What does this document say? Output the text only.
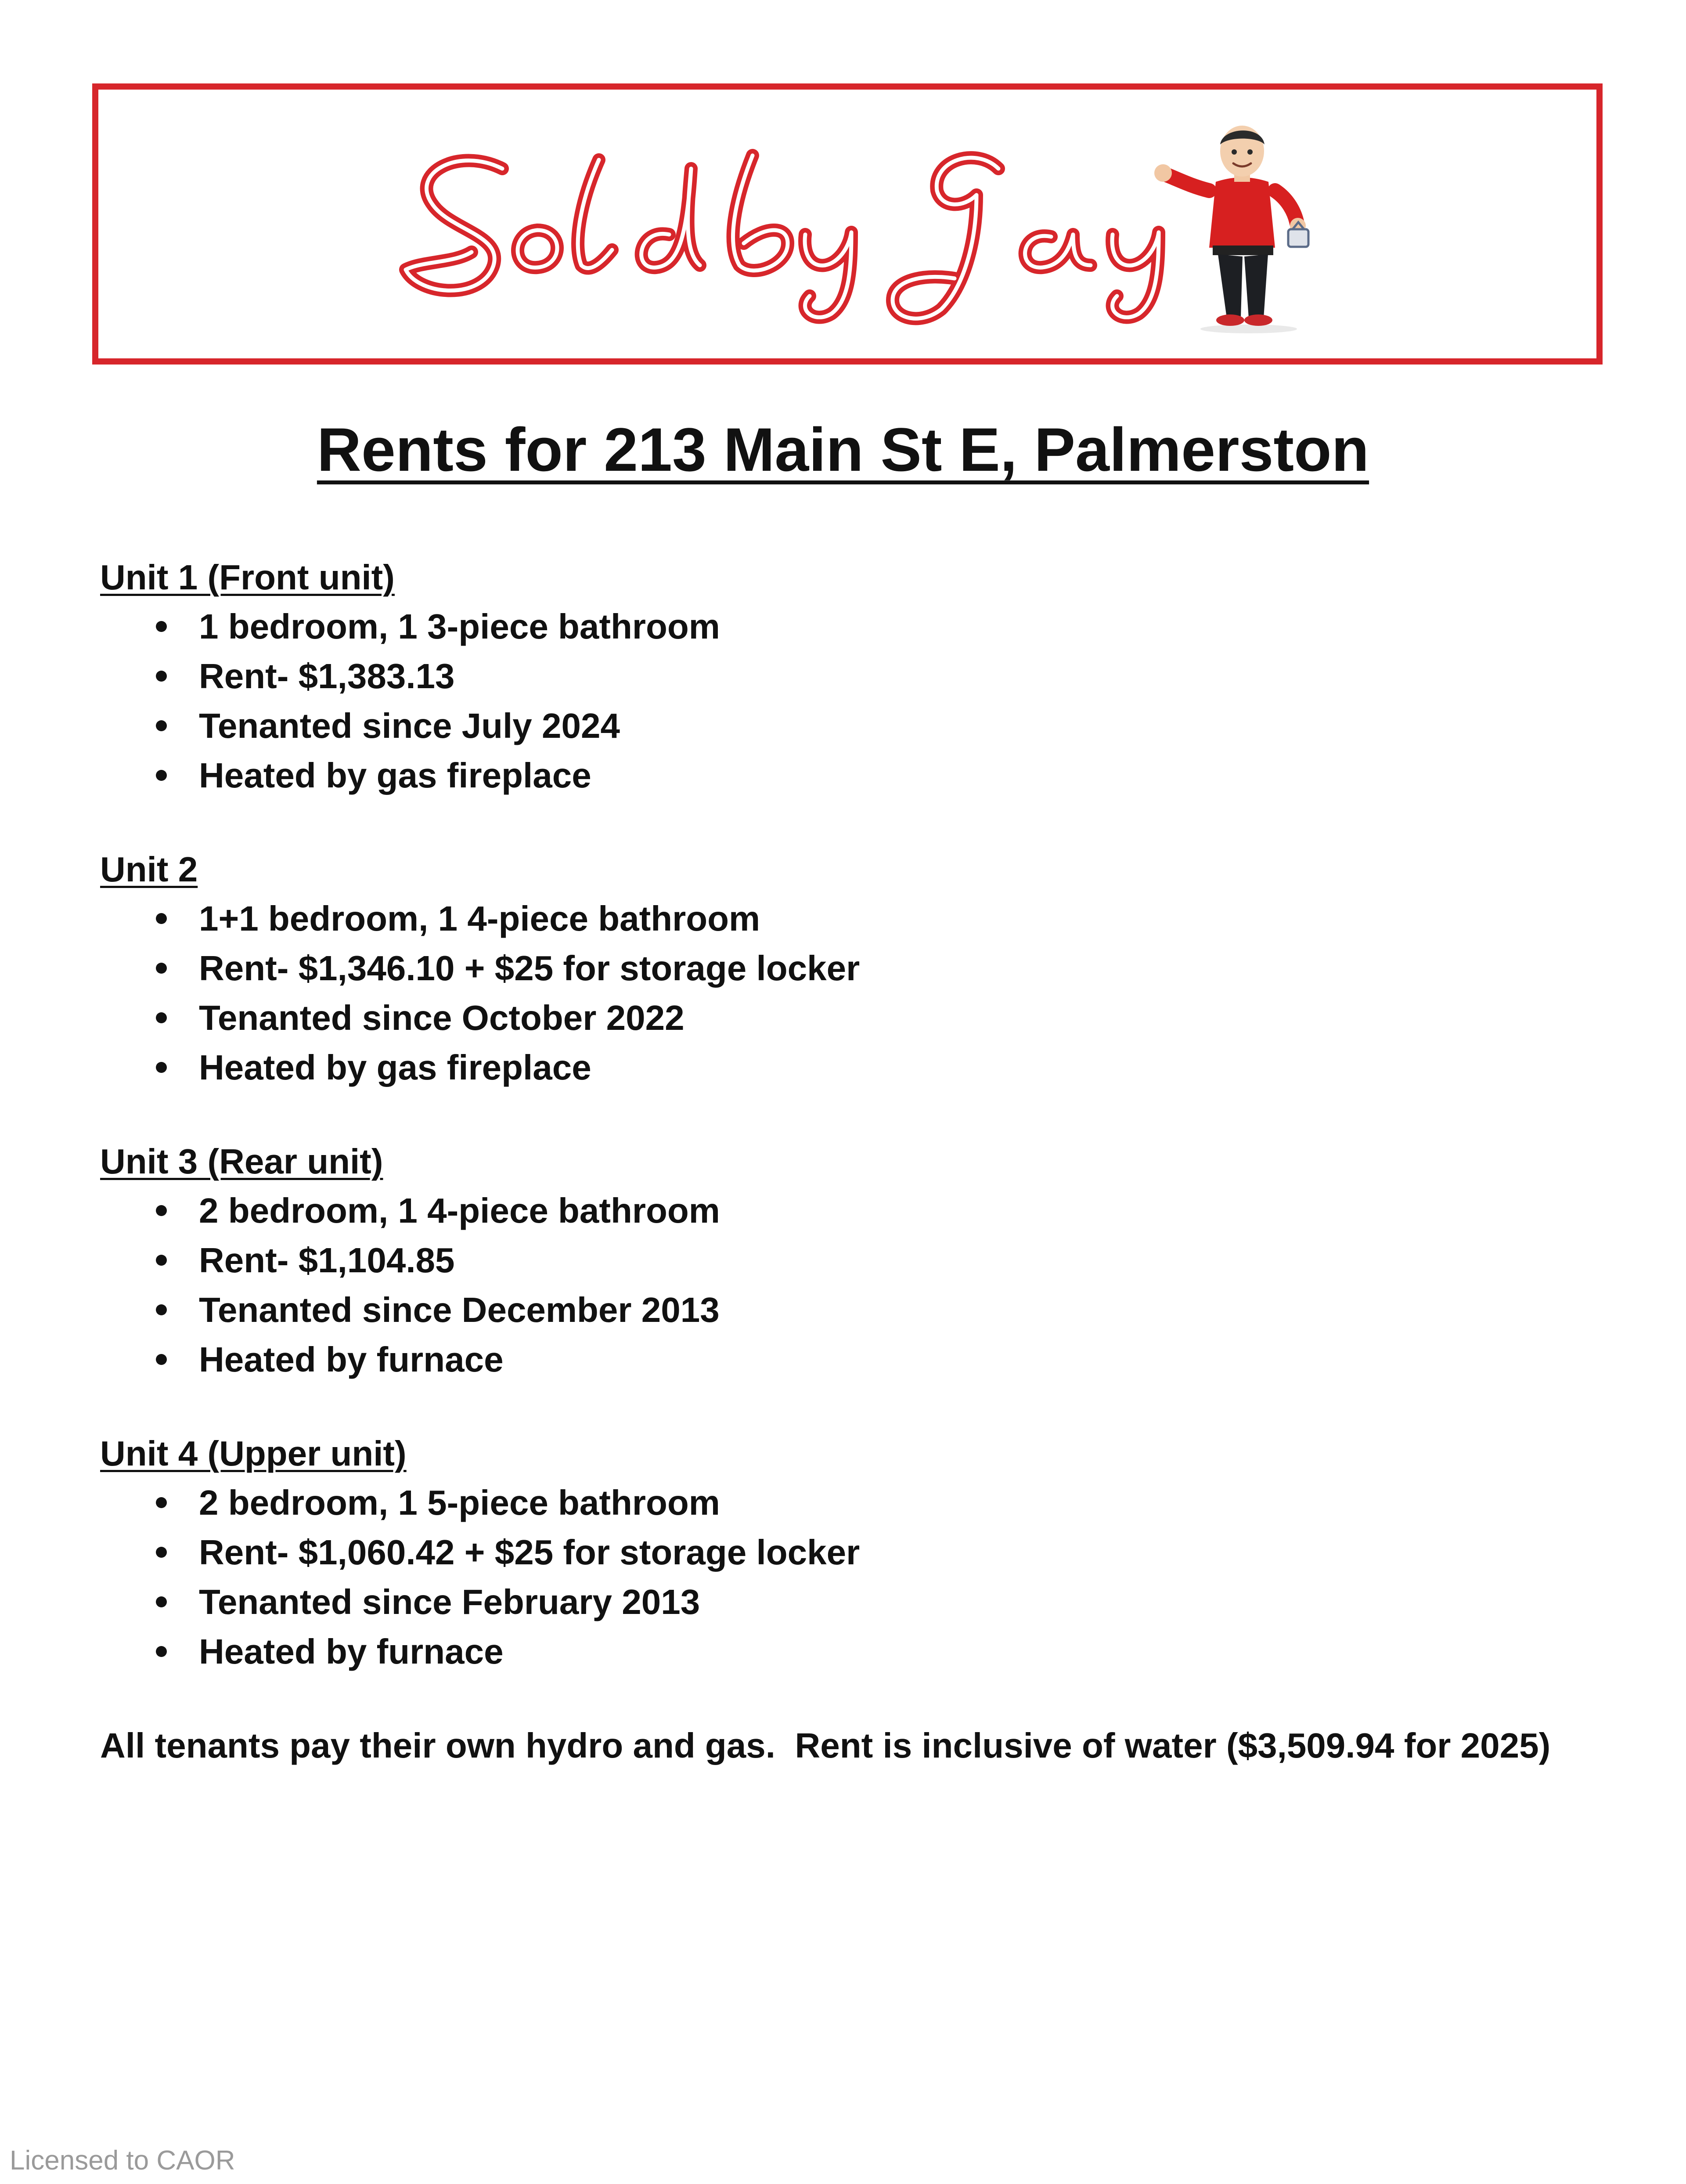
Rents for 213 Main St E, Palmerston
Unit 1 (Front unit)
1 bedroom, 1 3-piece bathroom
Rent- $1,383.13
Tenanted since July 2024
Heated by gas fireplace
Unit 2
1+1 bedroom, 1 4-piece bathroom
Rent- $1,346.10 + $25 for storage locker
Tenanted since October 2022
Heated by gas fireplace
Unit 3 (Rear unit)
2 bedroom, 1 4-piece bathroom
Rent- $1,104.85
Tenanted since December 2013
Heated by furnace
Unit 4 (Upper unit)
2 bedroom, 1 5-piece bathroom
Rent- $1,060.42 + $25 for storage locker
Tenanted since February 2013
Heated by furnace
All tenants pay their own hydro and gas.  Rent is inclusive of water ($3,509.94 for 2025)
Licensed to CAOR
